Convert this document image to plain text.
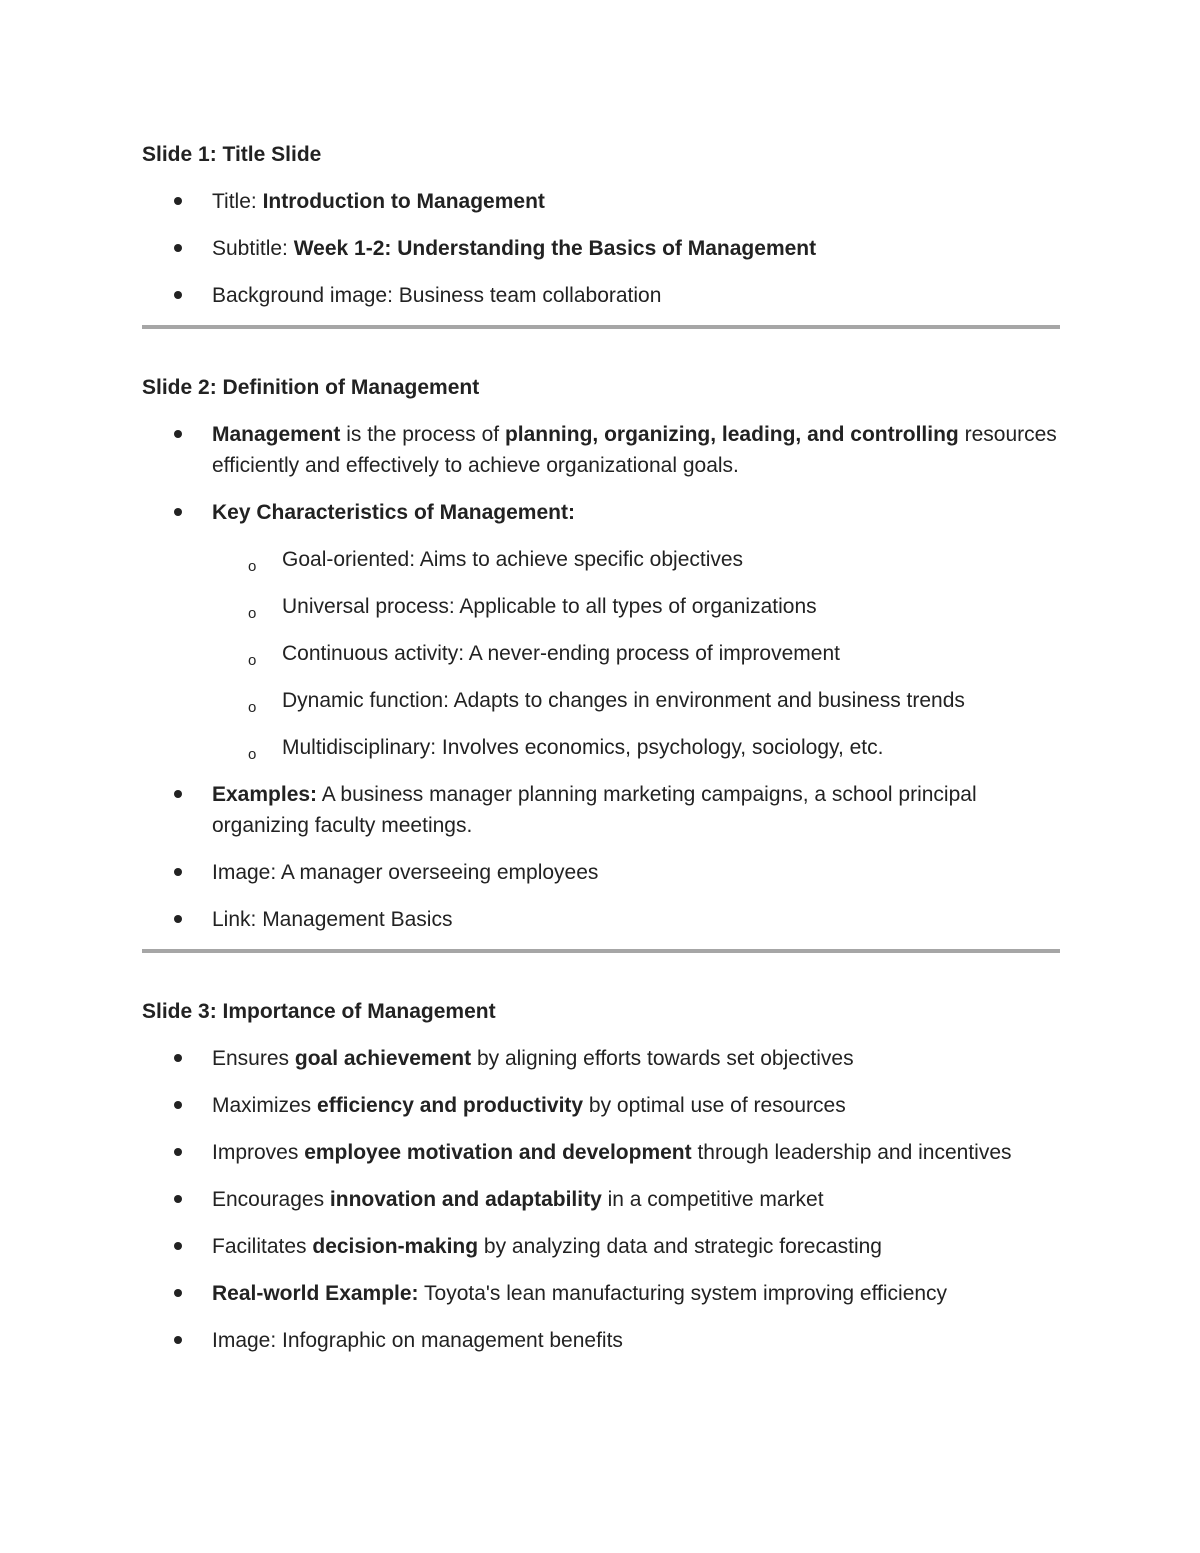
Slide 1: Title Slide
Title: Introduction to Management
Subtitle: Week 1-2: Understanding the Basics of Management
Background image: Business team collaboration
Slide 2: Definition of Management
Management is the process of planning, organizing, leading, and controlling resources efficiently and effectively to achieve organizational goals.
Key Characteristics of Management:
o Goal-oriented: Aims to achieve specific objectives
o Universal process: Applicable to all types of organizations
o Continuous activity: A never-ending process of improvement
o Dynamic function: Adapts to changes in environment and business trends
o Multidisciplinary: Involves economics, psychology, sociology, etc.
Examples: A business manager planning marketing campaigns, a school principal organizing faculty meetings.
Image: A manager overseeing employees
Link: Management Basics
Slide 3: Importance of Management
Ensures goal achievement by aligning efforts towards set objectives
Maximizes efficiency and productivity by optimal use of resources
Improves employee motivation and development through leadership and incentives
Encourages innovation and adaptability in a competitive market
Facilitates decision-making by analyzing data and strategic forecasting
Real-world Example: Toyota's lean manufacturing system improving efficiency
Image: Infographic on management benefits
